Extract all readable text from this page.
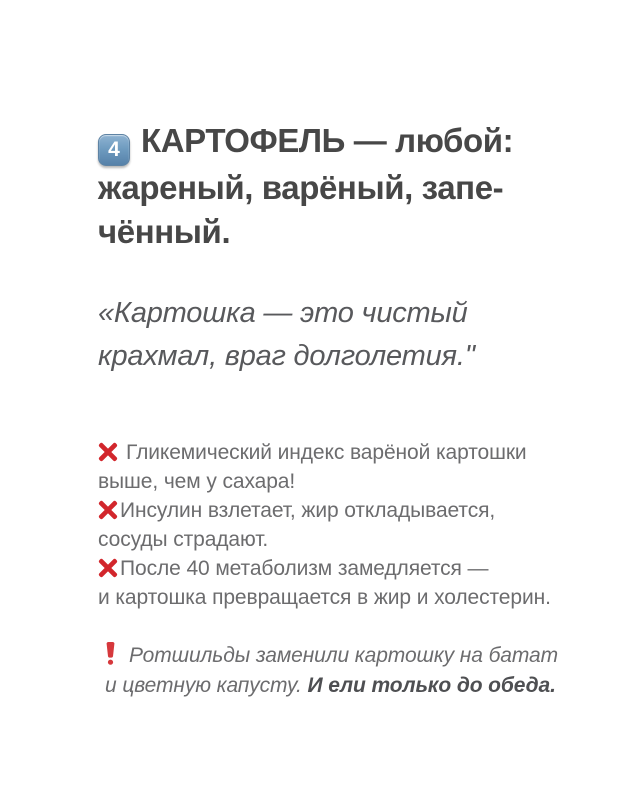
4 КАРТОФЕЛЬ — любой:
жареный, варёный, запе-
чённый.
«Картошка — это чистый
крахмал, враг долголетия."
Гликемический индекс варёной картошки
выше, чем у сахара!
Инсулин взлетает, жир откладывается,
сосуды страдают.
После 40 метаболизм замедляется —
и картошка превращается в жир и холестерин.
Ротшильды заменили картошку на батат
и цветную капусту. И ели только до обеда.
